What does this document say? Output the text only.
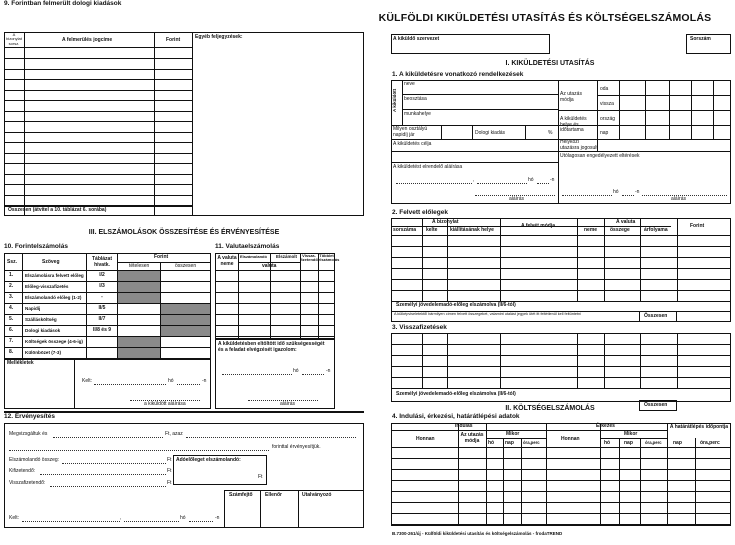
9. Forintban felmerült dologi kiadások
A bizonylat sorsz.
A felmerülés jogcíme	Forint	Egyéb feljegyzések:
Összesen (átvitel a 10. táblázat 6. sorába)
III. ELSZÁMOLÁSOK ÖSSZESÍTÉSE ÉS ÉRVÉNYESÍTÉSE
10. Forintelszámolás
Ssz.	Szöveg	Táblázat hivatk.
Forint
tételesen	összesen
1.	Elszámolásra felvett előleg	I/2
2.	Előleg-visszafizetés	I/3
3.	Elszámolandó előleg (1-2)	-
4.	Napidíj	II/5
5.	Szállásköltség	II/7
6.	Dologi kiadások	II/8 és 9
7.	Költségek összege (4-6-ig)
8.	Különbözet (7-3)
Mellékletek
Kelt:	hó	-n
a kiküldött aláírása
11. Valutaelszámolás
A valuta neme
Elszámolandó Elszámolt	Vissza-fizetendő
Többlet elszámolás
valuta
A kiküldetésben eltöltött idő szükségességét és a feladat elvégzését igazolom:
hó	-n
aláírás
12. Érvényesítés
Megvizsgáltuk és	Ft, azaz
forinttal érvényesítjük.
Elszámolandó összeg:	Ft
Kifizetendő:	Ft
Visszafizetendő:	Ft
Adóelőleget elszámolandó:
Ft
Számfejtő Ellenőr	Utalványozó
Kelt:	,	hó	-n
KÜLFÖLDI KIKÜLDETÉSI UTASÍTÁS ÉS KÖLTSÉGELSZÁMOLÁS
A kiküldő szervezet	Sorszám
I. KIKÜLDETÉSI UTASÍTÁS
1. A kiküldetésre vonatkozó rendelkezések
A kiküldött
neve
beosztása
munkahelye
Az utazás módja
oda
vissza
A kiküldetés helye és időtartama
ország
nap
Milyen osztályú napidíj jár	Dologi kiadás	%
Helyközi utazásra jogosult
A kiküldetés célja
Utólagosan engedélyezett eltérések
A kiküldetést elrendelő aláírása
,	hó	-n
aláírás
hó	-n
aláírás
2. Felvett előlegek
A bizonylat
sorszáma kelte	kiállításának helye
A felvét módja
A valuta
neme	összege	árfolyama
Forint
Személyi jövedelemadó-előleg elszámolva (II/6-tól)
A külképviseletektől bármilyen címen felvett összegeket, valamint utalást jegyek ütét itt feltétlenül kell feltüntetni	Összesen
3. Visszafizetések
Személyi jövedelemadó-előleg elszámolva (II/6-tól)
Összesen
II. KÖLTSÉGELSZÁMOLÁS
4. Indulási, érkezési, határátlépési adatok
Indulás	Érkezés	A határátlépés időpontja
Honnan
Az utazás módja
Mikor
hó nap óra,perc
Honnan
Mikor
hó	nap	óra,perc nap	óra,perc
B.7300-261/új - Külföldi kiküldetési utasítás és költségelszámolás - frodaTREND
